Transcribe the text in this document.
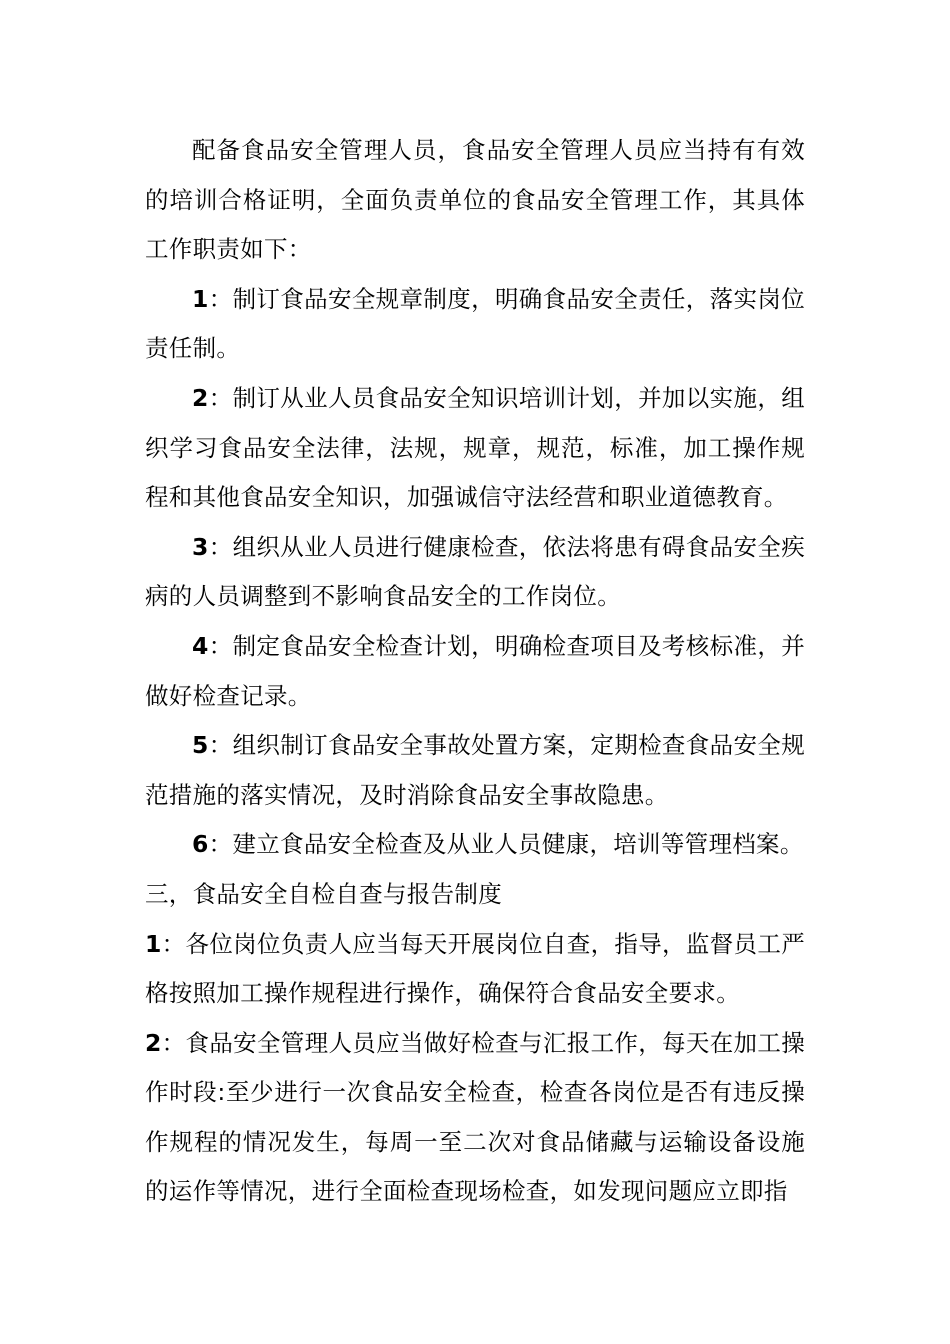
配备食品安全管理人员，食品安全管理人员应当持有有效的培训合格证明，全面负责单位的食品安全管理工作，其具体工作职责如下：

1：制订食品安全规章制度，明确食品安全责任，落实岗位责任制。

2：制订从业人员食品安全知识培训计划，并加以实施，组织学习食品安全法律，法规，规章，规范，标准，加工操作规程和其他食品安全知识，加强诚信守法经营和职业道德教育。

3：组织从业人员进行健康检查，依法将患有碍食品安全疾病的人员调整到不影响食品安全的工作岗位。

4：制定食品安全检查计划，明确检查项目及考核标准，并做好检查记录。

5：组织制订食品安全事故处置方案，定期检查食品安全规范措施的落实情况，及时消除食品安全事故隐患。

6：建立食品安全检查及从业人员健康，培训等管理档案。

三，食品安全自检自查与报告制度

1：各位岗位负责人应当每天开展岗位自查，指导，监督员工严格按照加工操作规程进行操作，确保符合食品安全要求。

2：食品安全管理人员应当做好检查与汇报工作，每天在加工操作时段:至少进行一次食品安全检查，检查各岗位是否有违反操作规程的情况发生，每周一至二次对食品储藏与运输设备设施的运作等情况，进行全面检查现场检查，如发现问题应立即指
